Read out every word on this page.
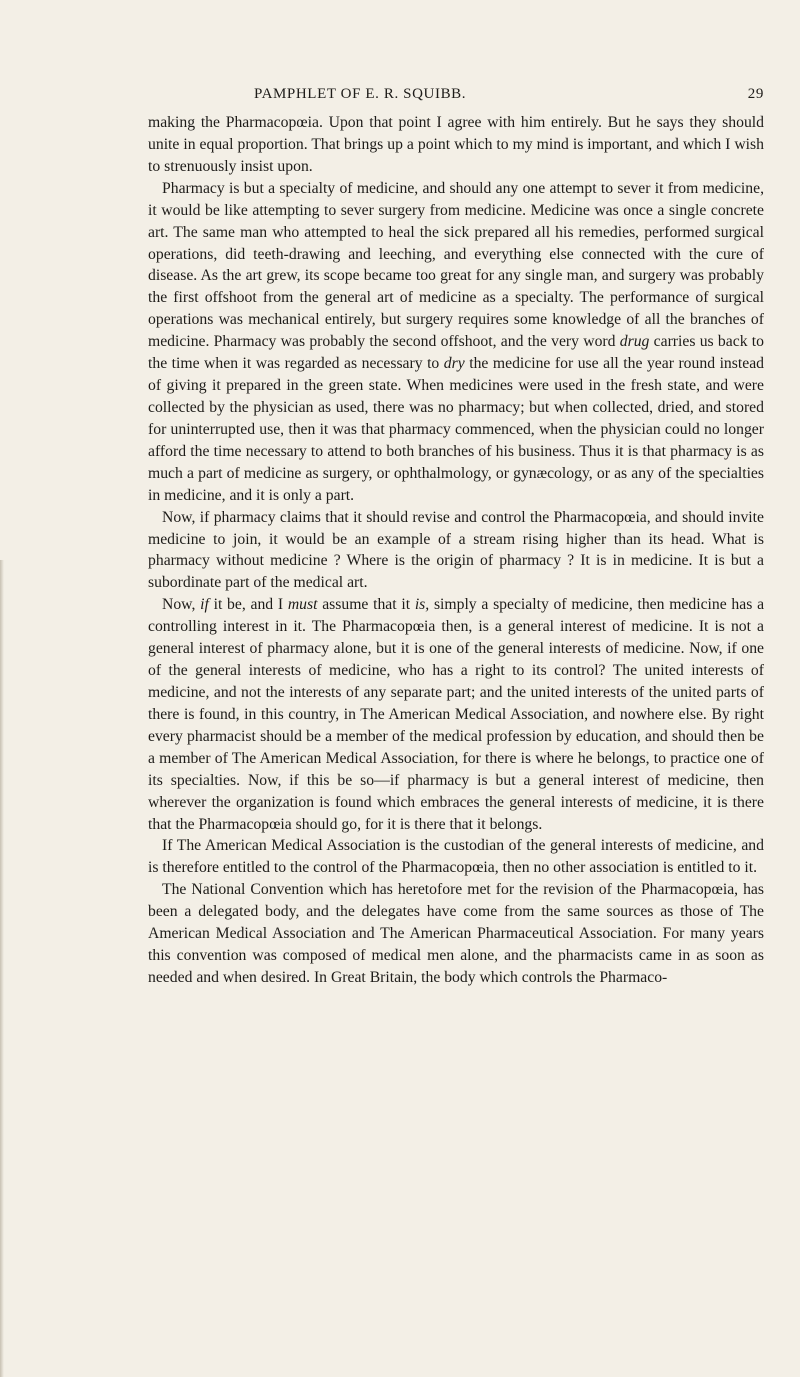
PAMPHLET OF E. R. SQUIBB.	29

making the Pharmacopœia. Upon that point I agree with him entirely. But he says they should unite in equal proportion. That brings up a point which to my mind is important, and which I wish to strenuously insist upon.

Pharmacy is but a specialty of medicine, and should any one attempt to sever it from medicine, it would be like attempting to sever surgery from medicine. Medicine was once a single concrete art. The same man who attempted to heal the sick prepared all his remedies, performed surgical operations, did teeth-drawing and leeching, and everything else connected with the cure of disease. As the art grew, its scope became too great for any single man, and surgery was probably the first offshoot from the general art of medicine as a specialty. The performance of surgical operations was mechanical entirely, but surgery requires some knowledge of all the branches of medicine. Pharmacy was probably the second offshoot, and the very word drug carries us back to the time when it was regarded as necessary to dry the medicine for use all the year round instead of giving it prepared in the green state. When medicines were used in the fresh state, and were collected by the physician as used, there was no pharmacy; but when collected, dried, and stored for uninterrupted use, then it was that pharmacy commenced, when the physician could no longer afford the time necessary to attend to both branches of his business. Thus it is that pharmacy is as much a part of medicine as surgery, or ophthalmology, or gynæcology, or as any of the specialties in medicine, and it is only a part.

Now, if pharmacy claims that it should revise and control the Pharmacopœia, and should invite medicine to join, it would be an example of a stream rising higher than its head. What is pharmacy without medicine ? Where is the origin of pharmacy ? It is in medicine. It is but a subordinate part of the medical art.

Now, if it be, and I must assume that it is, simply a specialty of medicine, then medicine has a controlling interest in it. The Pharmacopœia then, is a general interest of medicine. It is not a general interest of pharmacy alone, but it is one of the general interests of medicine. Now, if one of the general interests of medicine, who has a right to its control? The united interests of medicine, and not the interests of any separate part; and the united interests of the united parts of there is found, in this country, in The American Medical Association, and nowhere else. By right every pharmacist should be a member of the medical profession by education, and should then be a member of The American Medical Association, for there is where he belongs, to practice one of its specialties. Now, if this be so—if pharmacy is but a general interest of medicine, then wherever the organization is found which embraces the general interests of medicine, it is there that the Pharmacopœia should go, for it is there that it belongs.

If The American Medical Association is the custodian of the general interests of medicine, and is therefore entitled to the control of the Pharmacopœia, then no other association is entitled to it.

The National Convention which has heretofore met for the revision of the Pharmacopœia, has been a delegated body, and the delegates have come from the same sources as those of The American Medical Association and The American Pharmaceutical Association. For many years this convention was composed of medical men alone, and the pharmacists came in as soon as needed and when desired. In Great Britain, the body which controls the Pharmaco-
